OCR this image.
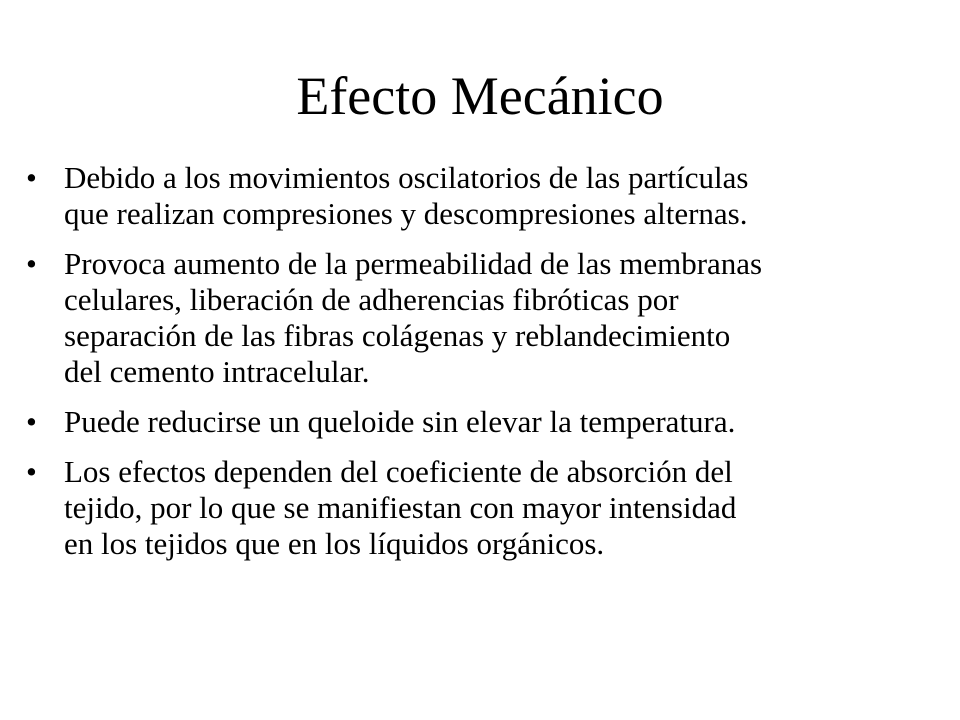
Efecto Mecánico
• Debido a los movimientos oscilatorios de las partículas
que realizan compresiones y descompresiones alternas.
• Provoca aumento de la permeabilidad de las membranas
celulares, liberación de adherencias fibróticas por
separación de las fibras colágenas y reblandecimiento
del cemento intracelular.
• Puede reducirse un queloide sin elevar la temperatura.
• Los efectos dependen del coeficiente de absorción del
tejido, por lo que se manifiestan con mayor intensidad
en los tejidos que en los líquidos orgánicos.
